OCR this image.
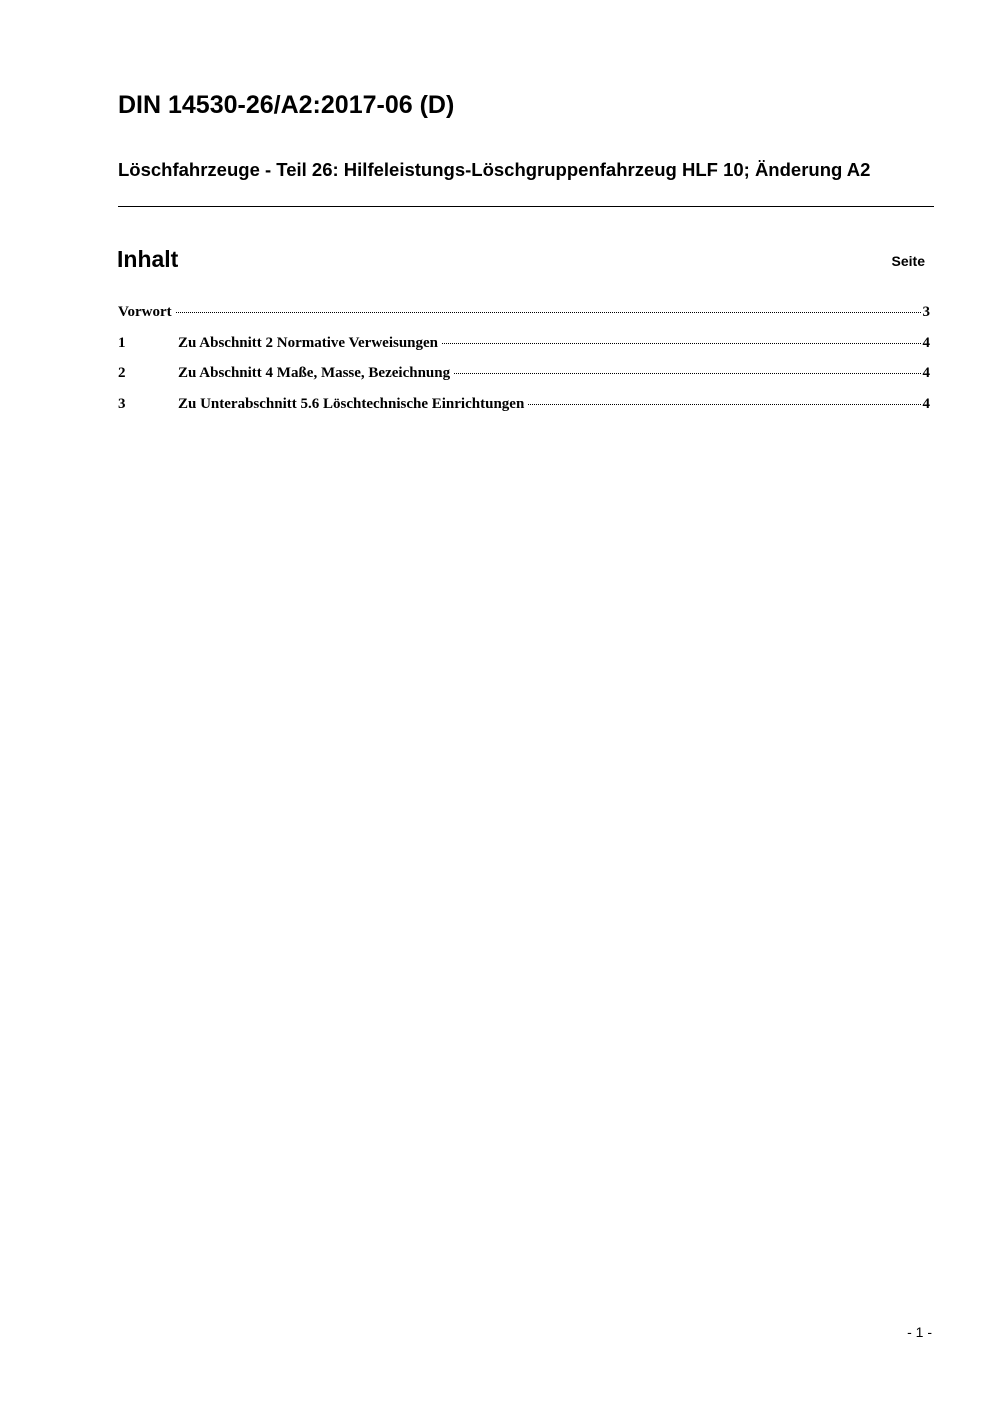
DIN 14530-26/A2:2017-06 (D)
Löschfahrzeuge - Teil 26: Hilfeleistungs-Löschgruppenfahrzeug HLF 10; Änderung A2
Inhalt	Seite
Vorwort	3
1	Zu Abschnitt 2 Normative Verweisungen	4
2	Zu Abschnitt 4 Maße, Masse, Bezeichnung	4
3	Zu Unterabschnitt 5.6 Löschtechnische Einrichtungen	4
- 1 -
